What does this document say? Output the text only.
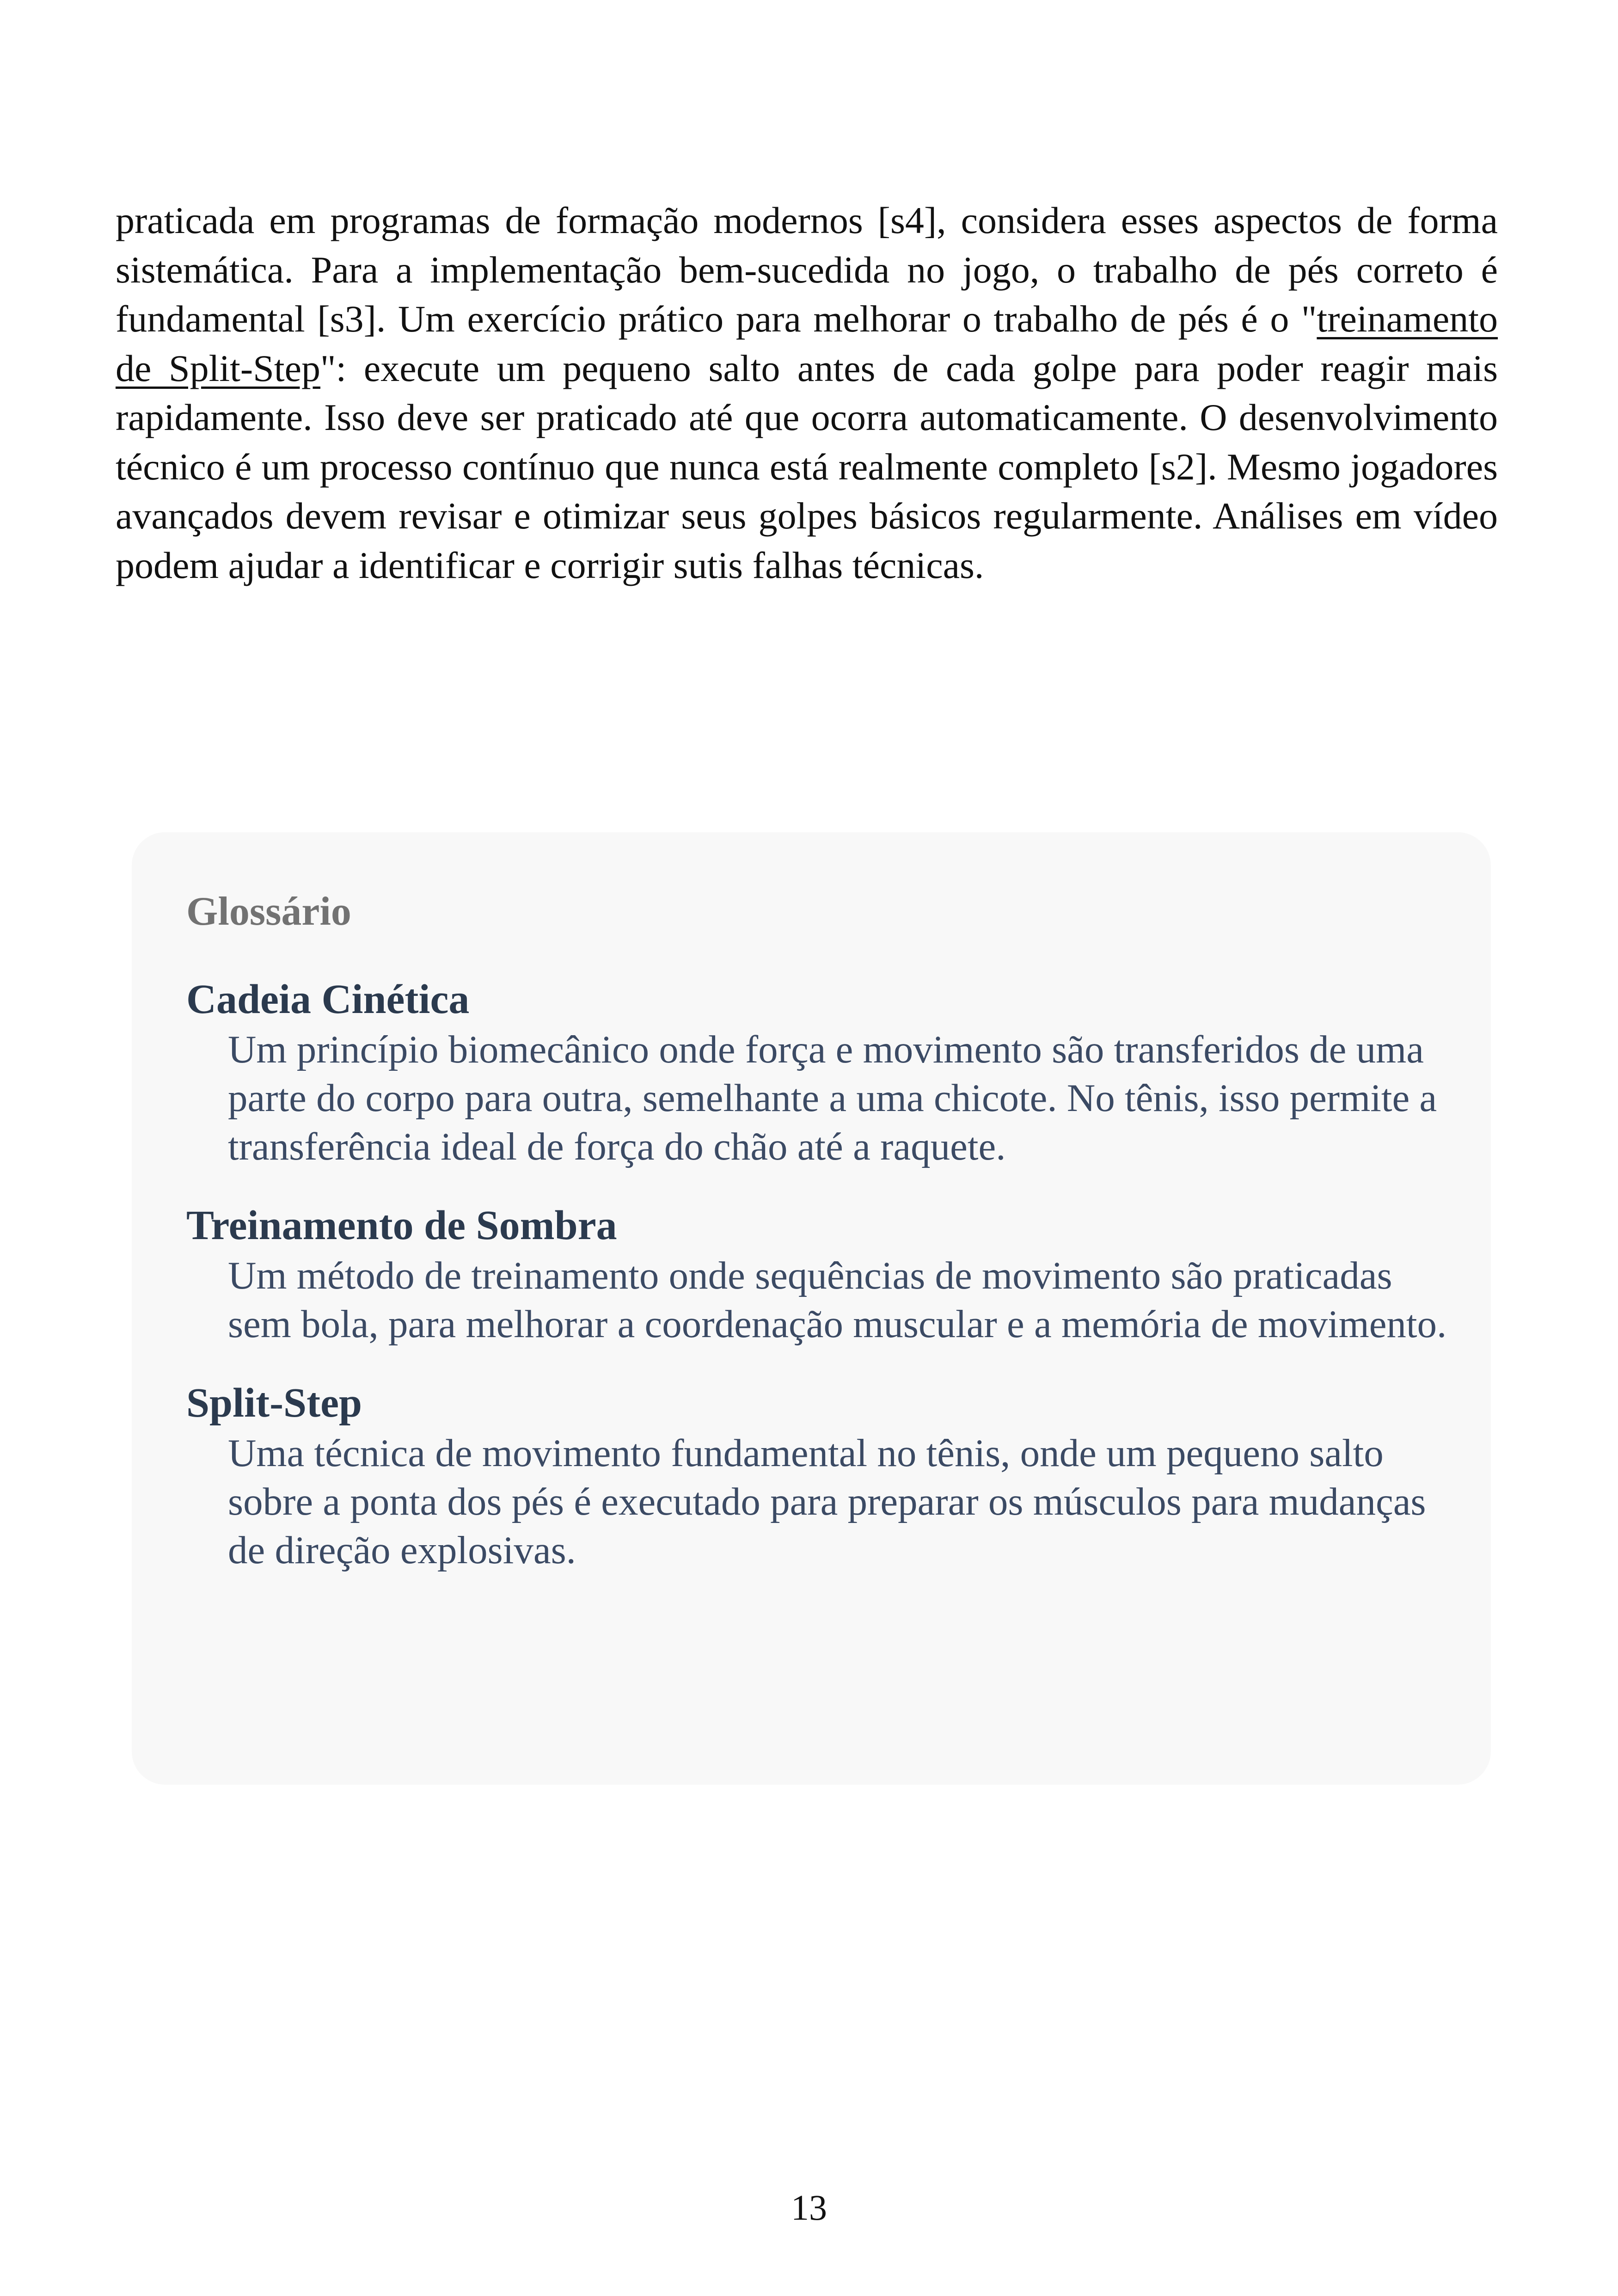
praticada em programas de formação modernos [s4], considera esses aspectos de forma sistemática. Para a implementação bem-sucedida no jogo, o trabalho de pés correto é fundamental [s3]. Um exercício prático para melhorar o trabalho de pés é o "treinamento de Split-Step": execute um pequeno salto antes de cada golpe para poder reagir mais rapidamente. Isso deve ser praticado até que ocorra automaticamente. O desenvolvimento técnico é um processo contínuo que nunca está realmente completo [s2]. Mesmo jogadores avançados devem revisar e otimizar seus golpes básicos regularmente. Análises em vídeo podem ajudar a identificar e corrigir sutis falhas técnicas.

Glossário
Cadeia Cinética
Um princípio biomecânico onde força e movimento são transferidos de uma parte do corpo para outra, semelhante a uma chicote. No tênis, isso permite a transferência ideal de força do chão até a raquete.
Treinamento de Sombra
Um método de treinamento onde sequências de movimento são praticadas sem bola, para melhorar a coordenação muscular e a memória de movimento.
Split-Step
Uma técnica de movimento fundamental no tênis, onde um pequeno salto sobre a ponta dos pés é executado para preparar os músculos para mudanças de direção explosivas.
13
